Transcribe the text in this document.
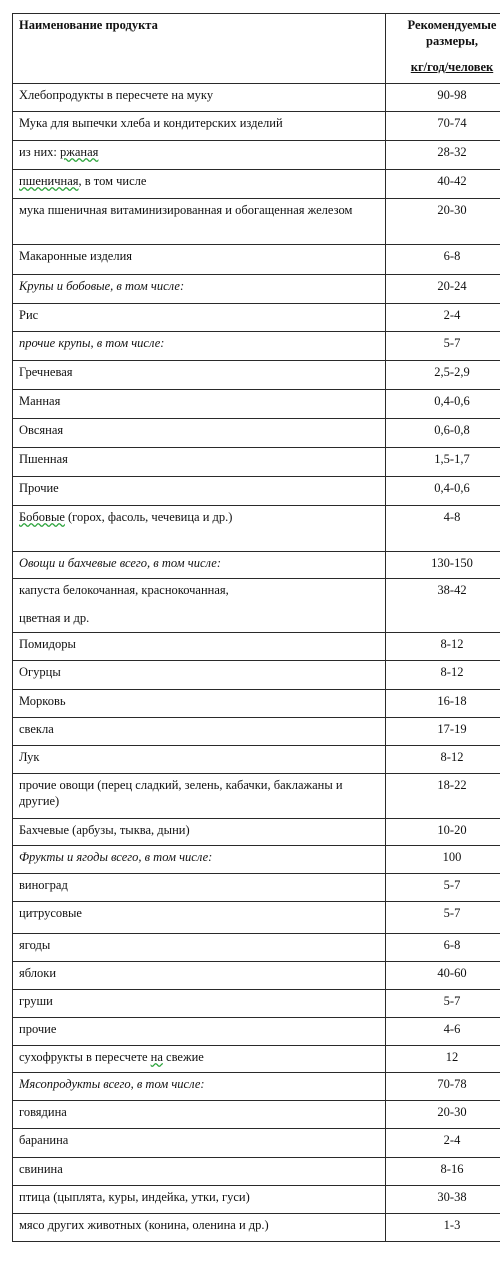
Наименование продукта	Рекомендуемые
размеры,
кг/год/человек

Хлебопродукты в пересчете на муку	90-98
Мука для выпечки хлеба и кондитерских изделий	70-74
из них: ржаная	28-32
пшеничная, в том числе	40-42
мука пшеничная витаминизированная и обогащенная железом	20-30
Макаронные изделия	6-8
Крупы и бобовые, в том числе:	20-24
Рис	2-4
прочие крупы, в том числе:	5-7
Гречневая	2,5-2,9
Манная	0,4-0,6
Овсяная	0,6-0,8
Пшенная	1,5-1,7
Прочие	0,4-0,6
Бобовые (горох, фасоль, чечевица и др.)	4-8
Овощи и бахчевые всего, в том числе:	130-150
капуста белокочанная, краснокочанная,
цветная и др.	38-42
Помидоры	8-12
Огурцы	8-12
Морковь	16-18
свекла	17-19
Лук	8-12
прочие овощи (перец сладкий, зелень, кабачки, баклажаны и другие)	18-22
Бахчевые (арбузы, тыква, дыни)	10-20
Фрукты и ягоды всего, в том числе:	100
виноград	5-7
цитрусовые	5-7
ягоды	6-8
яблоки	40-60
груши	5-7
прочие	4-6
сухофрукты в пересчете на свежие	12
Мясопродукты всего, в том числе:	70-78
говядина	20-30
баранина	2-4
свинина	8-16
птица (цыплята, куры, индейка, утки, гуси)	30-38
мясо других животных (конина, оленина и др.)	1-3
